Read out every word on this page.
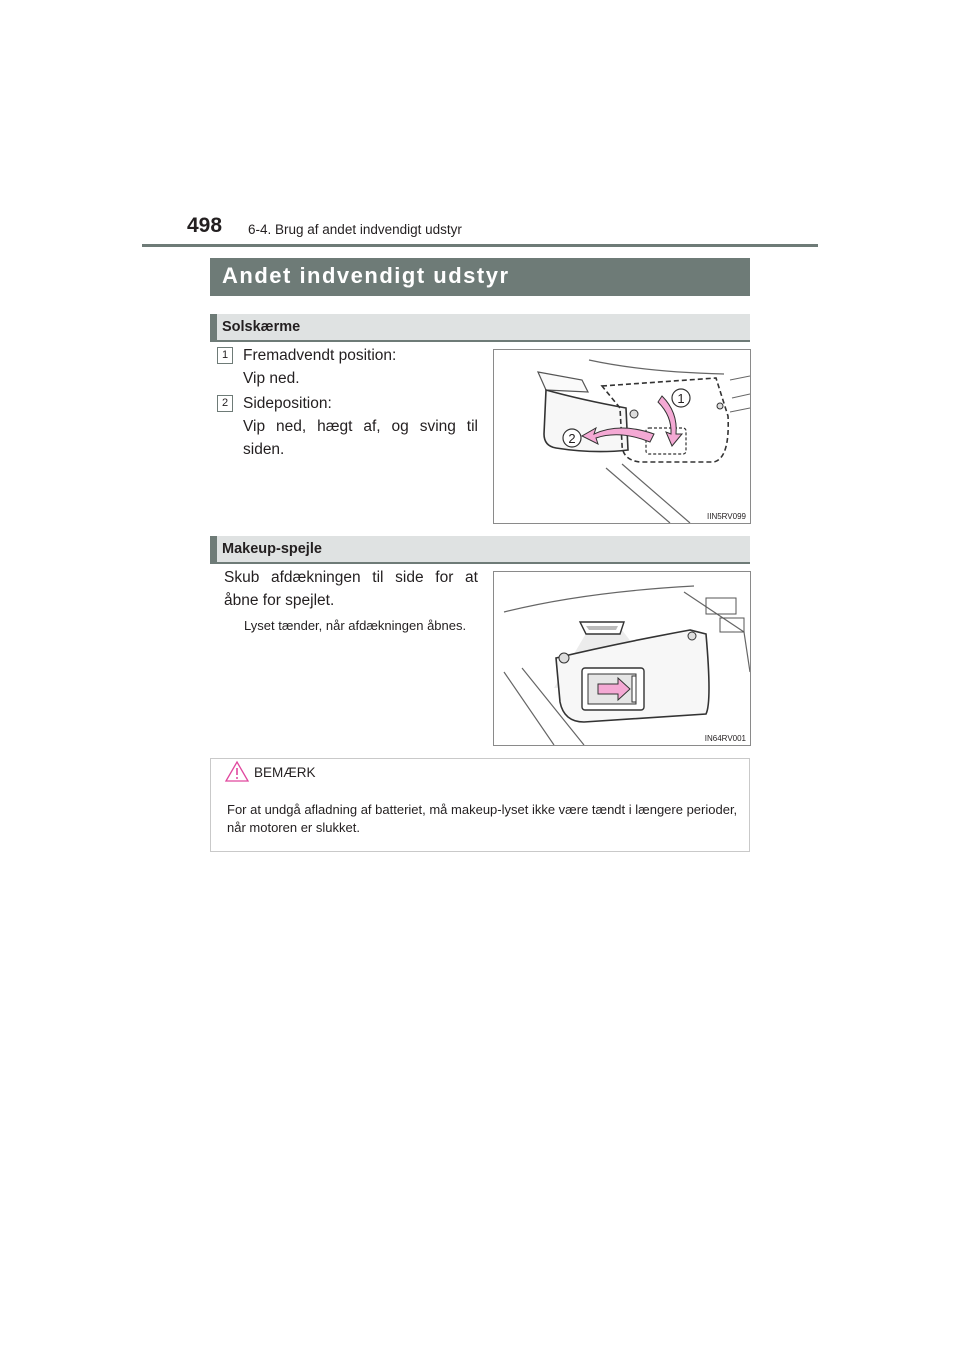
498 6-4. Brug af andet indvendigt udstyr
Andet indvendigt udstyr
Solskærme
1 Fremadvendt position:
Vip ned.
2 Sideposition:
Vip ned, hægt af, og sving til siden.
1
2
IIN5RV099
Makeup-spejle
Skub afdækningen til side for at åbne for spejlet.
Lyset tænder, når afdækningen åbnes.
IN64RV001
BEMÆRK
For at undgå afladning af batteriet, må makeup-lyset ikke være tændt i længere perioder, når motoren er slukket.
